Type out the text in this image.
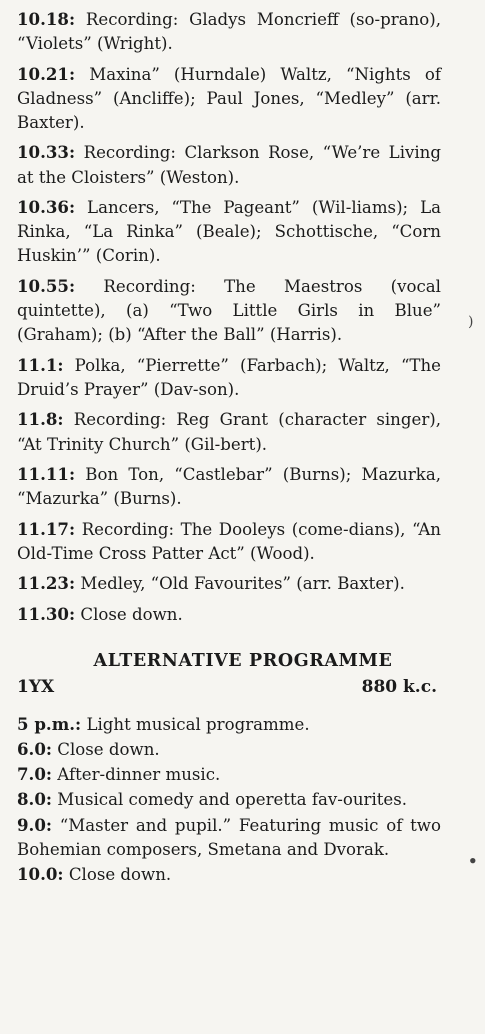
10.18: Recording: Gladys Moncrieff (so-prano), “Violets” (Wright).
10.21: Maxina” (Hurndale) Waltz, “Nights of Gladness” (Ancliffe); Paul Jones, “Medley” (arr. Baxter).
10.33: Recording: Clarkson Rose, “We’re Living at the Cloisters” (Weston).
10.36: Lancers, “The Pageant” (Wil-liams); La Rinka, “La Rinka” (Beale); Schottische, “Corn Huskin’” (Corin).
10.55: Recording: The Maestros (vocal quintette), (a) “Two Little Girls in Blue” (Graham); (b) “After the Ball” (Harris).
11.1: Polka, “Pierrette” (Farbach); Waltz, “The Druid’s Prayer” (Dav-son).
11.8: Recording: Reg Grant (character singer), “At Trinity Church” (Gil-bert).
11.11: Bon Ton, “Castlebar” (Burns); Mazurka, “Mazurka” (Burns).
11.17: Recording: The Dooleys (come-dians), “An Old-Time Cross Patter Act” (Wood).
11.23: Medley, “Old Favourites” (arr. Baxter).
11.30: Close down.
ALTERNATIVE PROGRAMME
1YX	880 k.c.
5 p.m.: Light musical programme.
6.0: Close down.
7.0: After-dinner music.
8.0: Musical comedy and operetta fav-ourites.
9.0: “Master and pupil.” Featuring music of two Bohemian composers, Smetana and Dvorak.
10.0: Close down.
)
•
